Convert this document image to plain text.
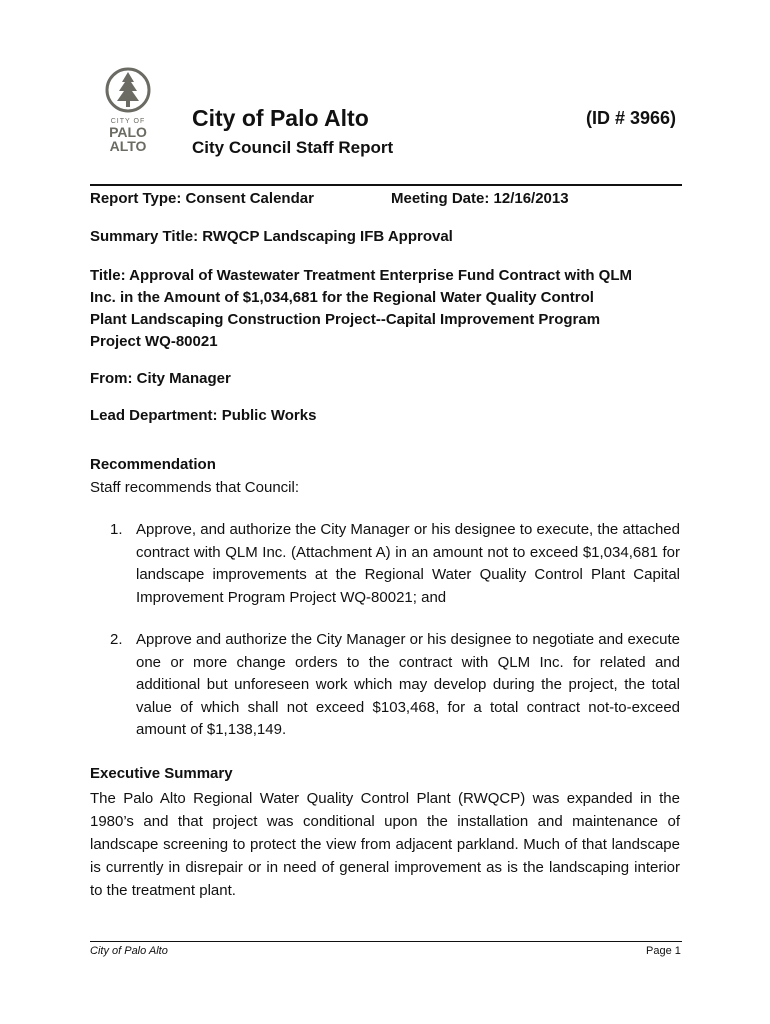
CITY OF
PALO
ALTO
City of Palo Alto
City Council Staff Report
(ID # 3966)
Report Type: Consent Calendar	Meeting Date: 12/16/2013
Summary Title: RWQCP Landscaping IFB Approval
Title: Approval of Wastewater Treatment Enterprise Fund Contract with QLM
Inc. in the Amount of $1,034,681 for the Regional Water Quality Control
Plant Landscaping Construction Project--Capital Improvement Program
Project WQ-80021
From: City Manager
Lead Department: Public Works
Recommendation
Staff recommends that Council:
1. Approve, and authorize the City Manager or his designee to execute, the attached contract with QLM Inc. (Attachment A) in an amount not to exceed $1,034,681 for landscape improvements at the Regional Water Quality Control Plant Capital Improvement Program Project WQ-80021; and
2. Approve and authorize the City Manager or his designee to negotiate and execute one or more change orders to the contract with QLM Inc. for related and additional but unforeseen work which may develop during the project, the total value of which shall not exceed $103,468, for a total contract not-to-exceed amount of $1,138,149.
Executive Summary
The Palo Alto Regional Water Quality Control Plant (RWQCP) was expanded in the 1980’s and that project was conditional upon the installation and maintenance of landscape screening to protect the view from adjacent parkland. Much of that landscape is currently in disrepair or in need of general improvement as is the landscaping interior to the treatment plant.
City of Palo Alto	Page 1
